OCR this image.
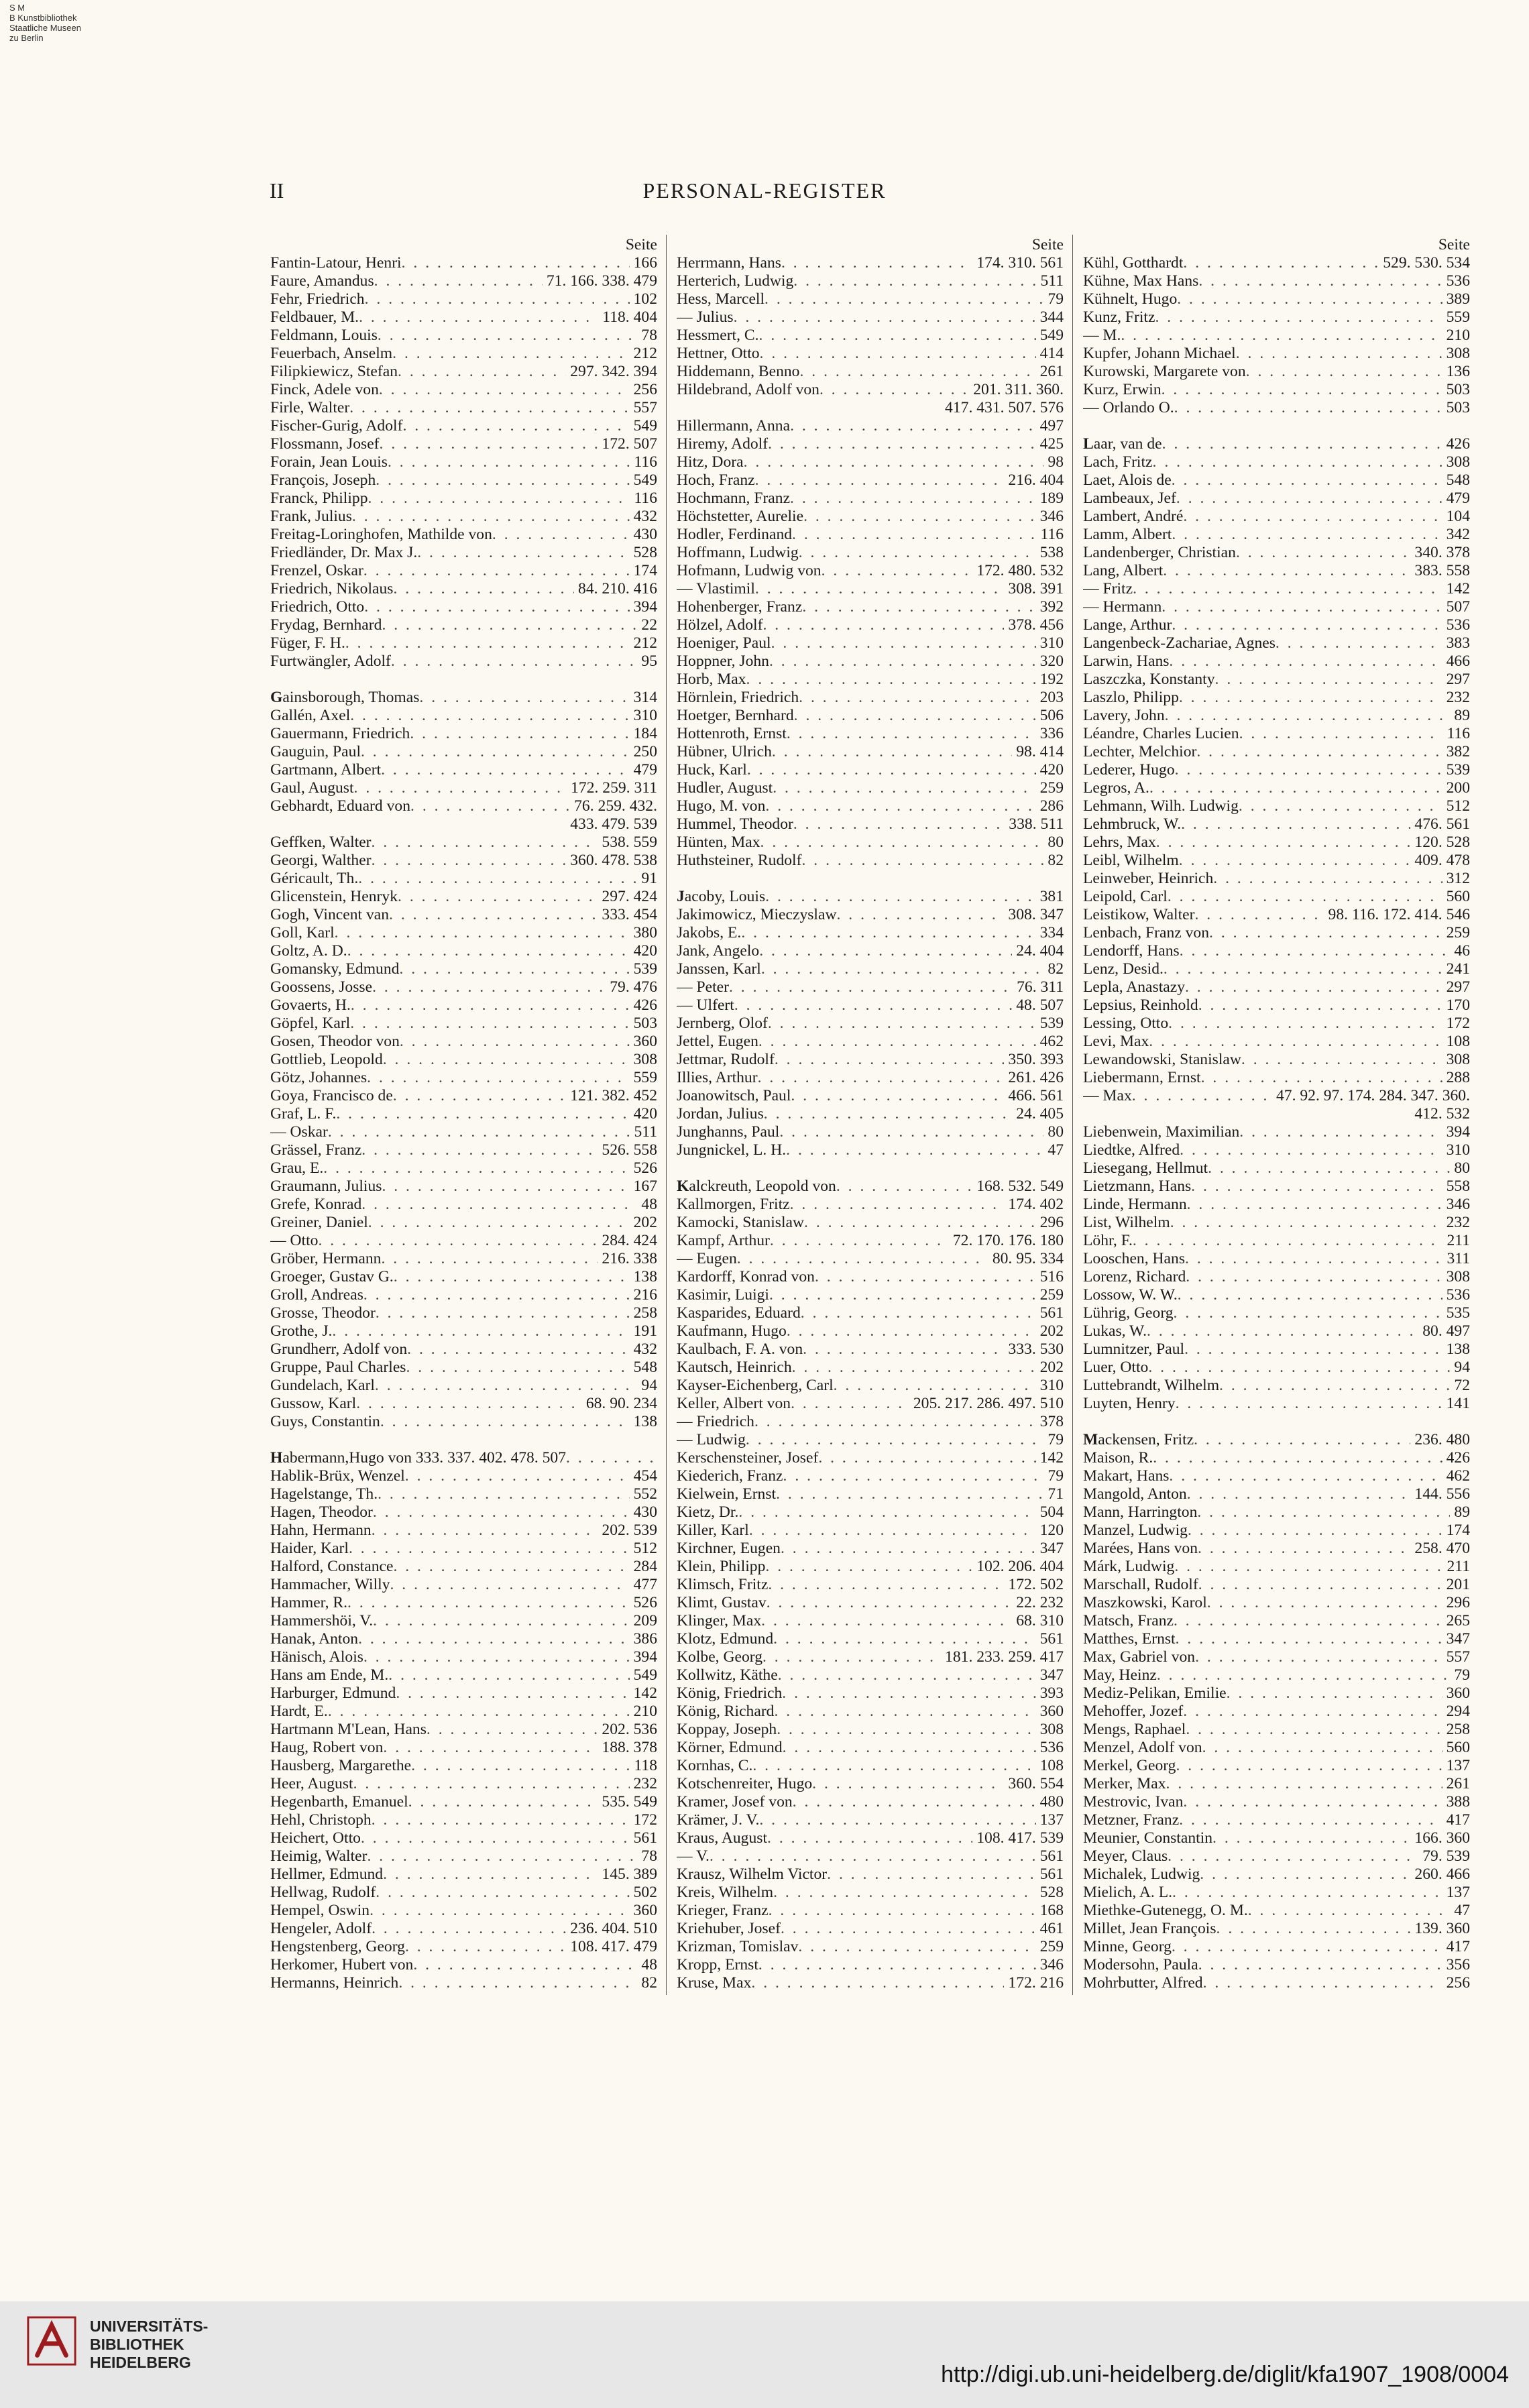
S M
B Kunstbibliothek
Staatliche Museen
zu Berlin
II	PERSONAL-REGISTER
Seite
Fantin-Latour, Henri . . .	166
Faure, Amandus . . .	71. 166. 338. 479
Fehr, Friedrich . . .	102
Feldbauer, M. . . .	118. 404
Feldmann, Louis . . .	78
Feuerbach, Anselm . . .	212
Filipkiewicz, Stefan . . .	297. 342. 394
Finck, Adele von . . .	256
Firle, Walter . . .	557
Fischer-Gurig, Adolf . . .	549
Flossmann, Josef . . .	172. 507
Forain, Jean Louis . . .	116
François, Joseph . . .	549
Franck, Philipp . . .	116
Frank, Julius . . .	432
Freitag-Loringhofen, Mathilde von . . .	430
Friedländer, Dr. Max J. . . .	528
Frenzel, Oskar . . .	174
Friedrich, Nikolaus . . .	84. 210. 416
Friedrich, Otto . . .	394
Frydag, Bernhard . . .	22
Füger, F. H. . . .	212
Furtwängler, Adolf . . .	95
Gainsborough, Thomas . . .	314
Gallén, Axel . . .	310
Gauermann, Friedrich . . .	184
Gauguin, Paul . . .	250
Gartmann, Albert . . .	479
Gaul, August . . .	172. 259. 311
Gebhardt, Eduard von . . .	76. 259. 432.
433. 479. 539
Geffken, Walter . . .	538. 559
Georgi, Walther . . .	360. 478. 538
Géricault, Th. . . .	91
Glicenstein, Henryk . . .	297. 424
Gogh, Vincent van . . .	333. 454
Goll, Karl . . .	380
Goltz, A. D. . . .	420
Gomansky, Edmund . . .	539
Goossens, Josse . . .	79. 476
Govaerts, H. . . .	426
Göpfel, Karl . . .	503
Gosen, Theodor von . . .	360
Gottlieb, Leopold . . .	308
Götz, Johannes . . .	559
Goya, Francisco de . . .	121. 382. 452
Graf, L. F. . . .	420
— Oskar . . .	511
Grässel, Franz . . .	526. 558
Grau, E. . . .	526
Graumann, Julius . . .	167
Grefe, Konrad . . .	48
Greiner, Daniel . . .	202
— Otto . . .	284. 424
Gröber, Hermann . . .	216. 338
Groeger, Gustav G. . . .	138
Groll, Andreas . . .	216
Grosse, Theodor . . .	258
Grothe, J. . . .	191
Grundherr, Adolf von . . .	432
Gruppe, Paul Charles . . .	548
Gundelach, Karl . . .	94
Gussow, Karl . . .	68. 90. 234
Guys, Constantin . . .	138
Habermann,Hugo von 333. 337. 402. 478. 507
. . .
Hablik-Brüx, Wenzel . . .	454
Hagelstange, Th. . . .	552
Hagen, Theodor . . .	430
Hahn, Hermann . . .	202. 539
Haider, Karl . . .	512
Halford, Constance . . .	284
Hammacher, Willy . . .	477
Hammer, R. . . .	526
Hammershöi, V. . . .	209
Hanak, Anton . . .	386
Hänisch, Alois . . .	394
Hans am Ende, M. . . .	549
Harburger, Edmund . . .	142
Hardt, E. . . .	210
Hartmann M'Lean, Hans . . .	202. 536
Haug, Robert von . . .	188. 378
Hausberg, Margarethe . . .	118
Heer, August . . .	232
Hegenbarth, Emanuel . . .	535. 549
Hehl, Christoph . . .	172
Heichert, Otto . . .	561
Heimig, Walter . . .	78
Hellmer, Edmund . . .	145. 389
Hellwag, Rudolf . . .	502
Hempel, Oswin . . .	360
Hengeler, Adolf . . .	236. 404. 510
Hengstenberg, Georg . . .	108. 417. 479
Herkomer, Hubert von . . .	48
Hermanns, Heinrich . . .	82
Seite
Herrmann, Hans . . .	174. 310. 561
Herterich, Ludwig . . .	511
Hess, Marcell . . .	79
— Julius . . .	344
Hessmert, C. . . .	549
Hettner, Otto . . .	414
Hiddemann, Benno . . .	261
Hildebrand, Adolf von . . .	201. 311. 360.
417. 431. 507. 576
Hillermann, Anna . . .	497
Hiremy, Adolf . . .	425
Hitz, Dora . . .	98
Hoch, Franz . . .	216. 404
Hochmann, Franz . . .	189
Höchstetter, Aurelie . . .	346
Hodler, Ferdinand . . .	116
Hoffmann, Ludwig . . .	538
Hofmann, Ludwig von . . .	172. 480. 532
— Vlastimil . . .	308. 391
Hohenberger, Franz . . .	392
Hölzel, Adolf . . .	378. 456
Hoeniger, Paul . . .	310
Hoppner, John . . .	320
Horb, Max . . .	192
Hörnlein, Friedrich . . .	203
Hoetger, Bernhard . . .	506
Hottenroth, Ernst . . .	336
Hübner, Ulrich . . .	98. 414
Huck, Karl . . .	420
Hudler, August . . .	259
Hugo, M. von . . .	286
Hummel, Theodor . . .	338. 511
Hünten, Max . . .	80
Huthsteiner, Rudolf . . .	82
Jacoby, Louis . . .	381
Jakimowicz, Mieczyslaw . . .	308. 347
Jakobs, E. . . .	334
Jank, Angelo . . .	24. 404
Janssen, Karl . . .	82
— Peter . . .	76. 311
— Ulfert . . .	48. 507
Jernberg, Olof . . .	539
Jettel, Eugen . . .	462
Jettmar, Rudolf . . .	350. 393
Illies, Arthur . . .	261. 426
Joanowitsch, Paul . . .	466. 561
Jordan, Julius . . .	24. 405
Junghanns, Paul . . .	80
Jungnickel, L. H. . . .	47
Kalckreuth, Leopold von . . .	168. 532. 549
Kallmorgen, Fritz . . .	174. 402
Kamocki, Stanislaw . . .	296
Kampf, Arthur . . .	72. 170. 176. 180
— Eugen . . .	80. 95. 334
Kardorff, Konrad von . . .	516
Kasimir, Luigi . . .	259
Kasparides, Eduard . . .	561
Kaufmann, Hugo . . .	202
Kaulbach, F. A. von . . .	333. 530
Kautsch, Heinrich . . .	202
Kayser-Eichenberg, Carl . . .	310
Keller, Albert von . . .	205. 217. 286. 497. 510
— Friedrich . . .	378
— Ludwig . . .	79
Kerschensteiner, Josef . . .	142
Kiederich, Franz . . .	79
Kielwein, Ernst . . .	71
Kietz, Dr. . . .	504
Killer, Karl . . .	120
Kirchner, Eugen . . .	347
Klein, Philipp . . .	102. 206. 404
Klimsch, Fritz . . .	172. 502
Klimt, Gustav . . .	22. 232
Klinger, Max . . .	68. 310
Klotz, Edmund . . .	561
Kolbe, Georg . . .	181. 233. 259. 417
Kollwitz, Käthe . . .	347
König, Friedrich . . .	393
König, Richard . . .	360
Koppay, Joseph . . .	308
Körner, Edmund . . .	536
Kornhas, C. . . .	108
Kotschenreiter, Hugo . . .	360. 554
Kramer, Josef von . . .	480
Krämer, J. V. . . .	137
Kraus, August . . .	108. 417. 539
— V. . . .	561
Krausz, Wilhelm Victor . . .	561
Kreis, Wilhelm . . .	528
Krieger, Franz . . .	168
Kriehuber, Josef . . .	461
Krizman, Tomislav . . .	259
Kropp, Ernst . . .	346
Kruse, Max . . .	172. 216
Seite
Kühl, Gotthardt . . .	529. 530. 534
Kühne, Max Hans . . .	536
Kühnelt, Hugo . . .	389
Kunz, Fritz . . .	559
— M. . . .	210
Kupfer, Johann Michael . . .	308
Kurowski, Margarete von . . .	136
Kurz, Erwin . . .	503
— Orlando O. . . .	503
Laar, van de . . .	426
Lach, Fritz . . .	308
Laet, Alois de . . .	548
Lambeaux, Jef . . .	479
Lambert, André . . .	104
Lamm, Albert . . .	342
Landenberger, Christian . . .	340. 378
Lang, Albert . . .	383. 558
— Fritz . . .	142
— Hermann . . .	507
Lange, Arthur . . .	536
Langenbeck-Zachariae, Agnes . . .	383
Larwin, Hans . . .	466
Laszczka, Konstanty . . .	297
Laszlo, Philipp . . .	232
Lavery, John . . .	89
Léandre, Charles Lucien . . .	116
Lechter, Melchior . . .	382
Lederer, Hugo . . .	539
Legros, A. . . .	200
Lehmann, Wilh. Ludwig . . .	512
Lehmbruck, W. . . .	476. 561
Lehrs, Max . . .	120. 528
Leibl, Wilhelm . . .	409. 478
Leinweber, Heinrich . . .	312
Leipold, Carl . . .	560
Leistikow, Walter . . .	98. 116. 172. 414. 546
Lenbach, Franz von . . .	259
Lendorff, Hans . . .	46
Lenz, Desid. . . .	241
Lepla, Anastazy . . .	297
Lepsius, Reinhold . . .	170
Lessing, Otto . . .	172
Levi, Max . . .	108
Lewandowski, Stanislaw . . .	308
Liebermann, Ernst . . .	288
— Max . . .	47. 92. 97. 174. 284. 347. 360.
412. 532
Liebenwein, Maximilian . . .	394
Liedtke, Alfred . . .	310
Liesegang, Hellmut . . .	80
Lietzmann, Hans . . .	558
Linde, Hermann . . .	346
List, Wilhelm . . .	232
Löhr, F. . . .	211
Looschen, Hans . . .	311
Lorenz, Richard . . .	308
Lossow, W. W. . . .	536
Lührig, Georg . . .	535
Lukas, W. . . .	80. 497
Lumnitzer, Paul . . .	138
Luer, Otto . . .	94
Luttebrandt, Wilhelm . . .	72
Luyten, Henry . . .	141
Mackensen, Fritz . . .	236. 480
Maison, R. . . .	426
Makart, Hans . . .	462
Mangold, Anton . . .	144. 556
Mann, Harrington . . .	89
Manzel, Ludwig . . .	174
Marées, Hans von . . .	258. 470
Márk, Ludwig . . .	211
Marschall, Rudolf . . .	201
Maszkowski, Karol . . .	296
Matsch, Franz . . .	265
Matthes, Ernst . . .	347
Max, Gabriel von . . .	557
May, Heinz . . .	79
Mediz-Pelikan, Emilie . . .	360
Mehoffer, Jozef . . .	294
Mengs, Raphael . . .	258
Menzel, Adolf von . . .	560
Merkel, Georg . . .	137
Merker, Max . . .	261
Mestrovic, Ivan . . .	388
Metzner, Franz . . .	417
Meunier, Constantin . . .	166. 360
Meyer, Claus . . .	79. 539
Michalek, Ludwig . . .	260. 466
Mielich, A. L. . . .	137
Miethke-Gutenegg, O. M. . . .	47
Millet, Jean François . . .	139. 360
Minne, Georg . . .	417
Modersohn, Paula . . .	356
Mohrbutter, Alfred . . .	256
UNIVERSITÄTS-
BIBLIOTHEK
HEIDELBERG	http://digi.ub.uni-heidelberg.de/diglit/kfa1907_1908/0004
